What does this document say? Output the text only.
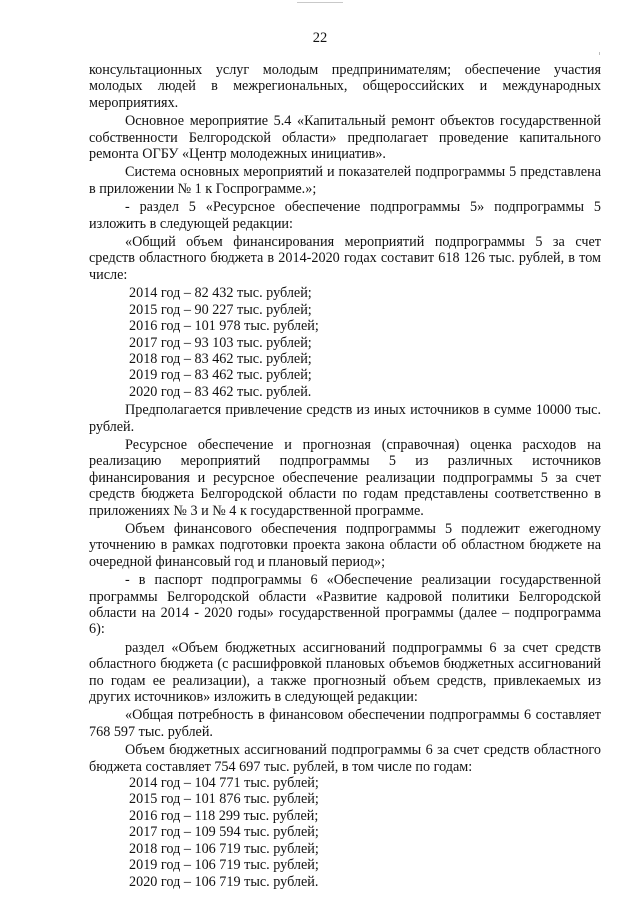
22

консультационных услуг молодым предпринимателям; обеспечение участия молодых людей в межрегиональных, общероссийских и международных мероприятиях.

Основное мероприятие 5.4 «Капитальный ремонт объектов государственной собственности Белгородской области» предполагает проведение капитального ремонта ОГБУ «Центр молодежных инициатив».

Система основных мероприятий и показателей подпрограммы 5 представлена в приложении № 1 к Госпрограмме.»;

- раздел 5 «Ресурсное обеспечение подпрограммы 5» подпрограммы 5 изложить в следующей редакции:

«Общий объем финансирования мероприятий подпрограммы 5 за счет средств областного бюджета в 2014-2020 годах составит 618 126 тыс. рублей, в том числе:

2014 год – 82 432 тыс. рублей;
2015 год – 90 227 тыс. рублей;
2016 год – 101 978 тыс. рублей;
2017 год – 93 103 тыс. рублей;
2018 год – 83 462 тыс. рублей;
2019 год – 83 462 тыс. рублей;
2020 год – 83 462 тыс. рублей.

Предполагается привлечение средств из иных источников в сумме 10000 тыс. рублей.

Ресурсное обеспечение и прогнозная (справочная) оценка расходов на реализацию мероприятий подпрограммы 5 из различных источников финансирования и ресурсное обеспечение реализации подпрограммы 5 за счет средств бюджета Белгородской области по годам представлены соответственно в приложениях № 3 и № 4 к государственной программе.

Объем финансового обеспечения подпрограммы 5 подлежит ежегодному уточнению в рамках подготовки проекта закона области об областном бюджете на очередной финансовый год и плановый период»;

- в паспорт подпрограммы 6 «Обеспечение реализации государственной программы Белгородской области «Развитие кадровой политики Белгородской области на 2014 - 2020 годы» государственной программы (далее – подпрограмма 6):

раздел «Объем бюджетных ассигнований подпрограммы 6 за счет средств областного бюджета (с расшифровкой плановых объемов бюджетных ассигнований по годам ее реализации), а также прогнозный объем средств, привлекаемых из других источников» изложить в следующей редакции:

«Общая потребность в финансовом обеспечении подпрограммы 6 составляет 768 597 тыс. рублей.

Объем бюджетных ассигнований подпрограммы 6 за счет средств областного бюджета составляет 754 697 тыс. рублей, в том числе по годам:

2014 год – 104 771 тыс. рублей;
2015 год – 101 876 тыс. рублей;
2016 год – 118 299 тыс. рублей;
2017 год – 109 594 тыс. рублей;
2018 год – 106 719 тыс. рублей;
2019 год – 106 719 тыс. рублей;
2020 год – 106 719 тыс. рублей.
